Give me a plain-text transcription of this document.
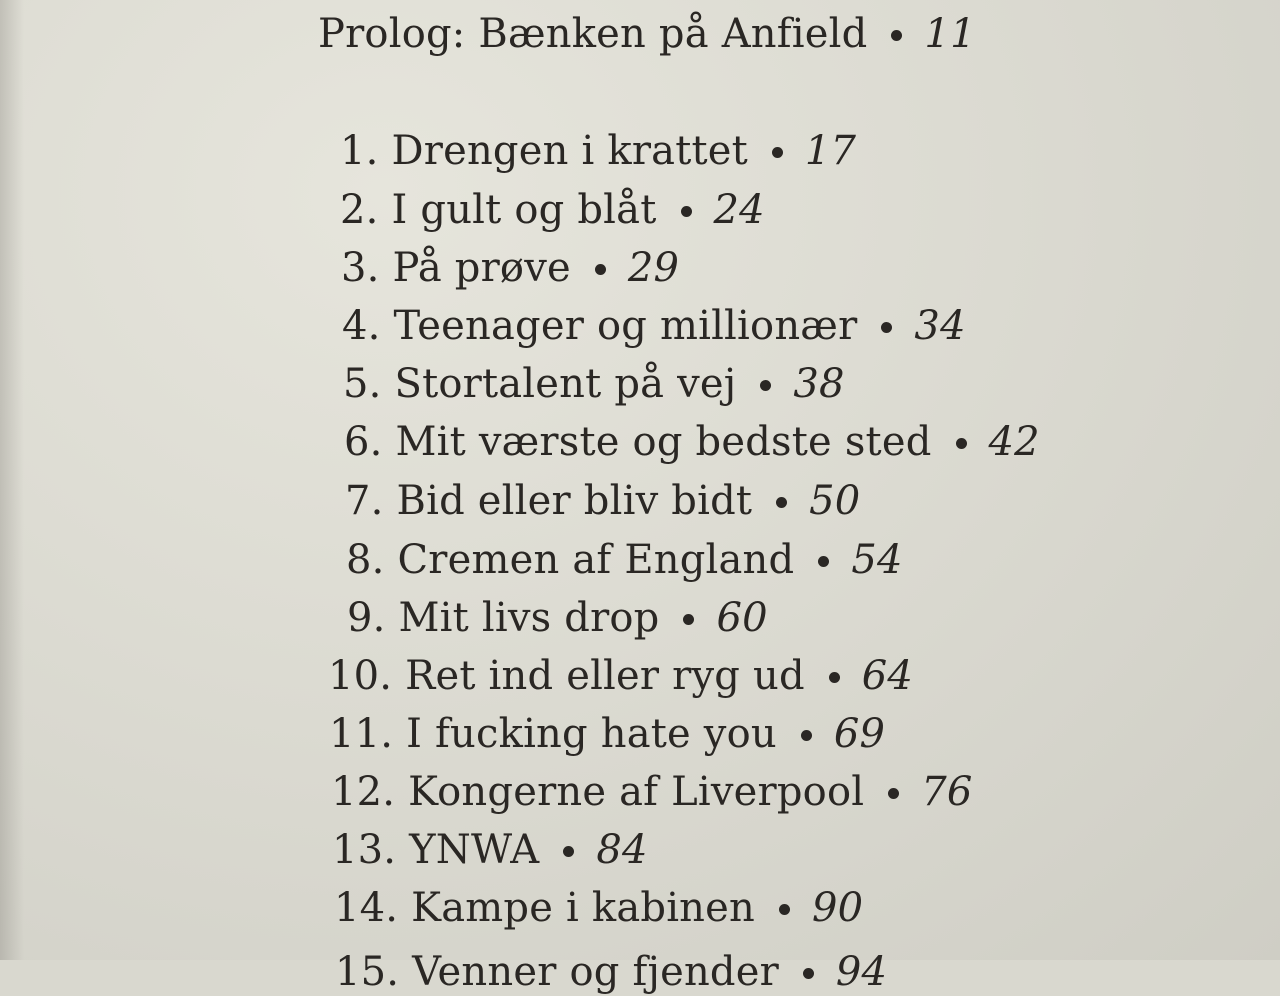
Prolog: Bænken på Anfield 11
1. Drengen i krattet 17
2. I gult og blåt 24
3. På prøve 29
4. Teenager og millionær 34
5. Stortalent på vej 38
6. Mit værste og bedste sted 42
7. Bid eller bliv bidt 50
8. Cremen af England 54
9. Mit livs drop 60
10. Ret ind eller ryg ud 64
11. I fucking hate you 69
12. Kongerne af Liverpool 76
13. YNWA 84
14. Kampe i kabinen 90
15. Venner og fjender 94
